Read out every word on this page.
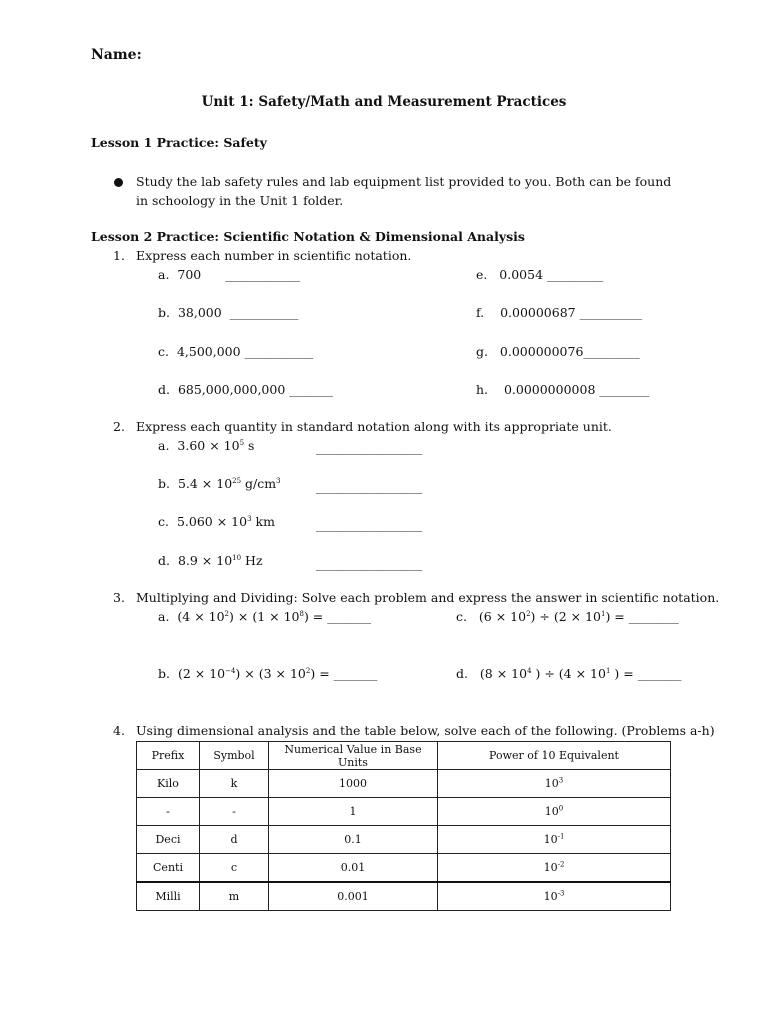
Name:
Unit 1: Safety/Math and Measurement Practices
Lesson 1 Practice: Safety
Study the lab safety rules and lab equipment list provided to you. Both can be found in schoology in the Unit 1 folder.
Lesson 2 Practice: Scientific Notation & Dimensional Analysis
1. Express each number in scientific notation.
a. 700 ____________
b. 38,000 ___________
c. 4,500,000 ___________
d. 685,000,000,000 _______
e. 0.0054 _________
f. 0.00000687 __________
g. 0.000000076_________
h. 0.0000000008 ________
2. Express each quantity in standard notation along with its appropriate unit.
a. $3.60 \times 10^5$ s	_________________
b. $5.4 \times 10^{25}$ $g/cm^3$	_________________
c. $5.060 \times 10^3$ km	_________________
d. $8.9 \times 10^{10}$ Hz	_________________
3. Multiplying and Dividing: Solve each problem and express the answer in scientific notation.
a. $(4 \times 10^2) \times (1 \times 10^8)$ = _______	c. $(6 \times 10^2) \div (2 \times 10^1)$ = ________
b. $(2 \times 10^{-4}) \times (3 \times 10^2)$ = _______	d. ($8 \times 10^4$ ) ÷ ($4 \times 10^1$ ) = _______
4. Using dimensional analysis and the table below, solve each of the following. (Problems a-h)
Prefix	Symbol	Numerical Value in Base Units	Power of 10 Equivalent
Kilo	k	1000	$10^3$
-	-	1	$10^0$
Deci	d	0.1	$10^{-1}$
Centi	c	0.01	$10^{-2}$
Milli	m	0.001	$10^{-3}$
